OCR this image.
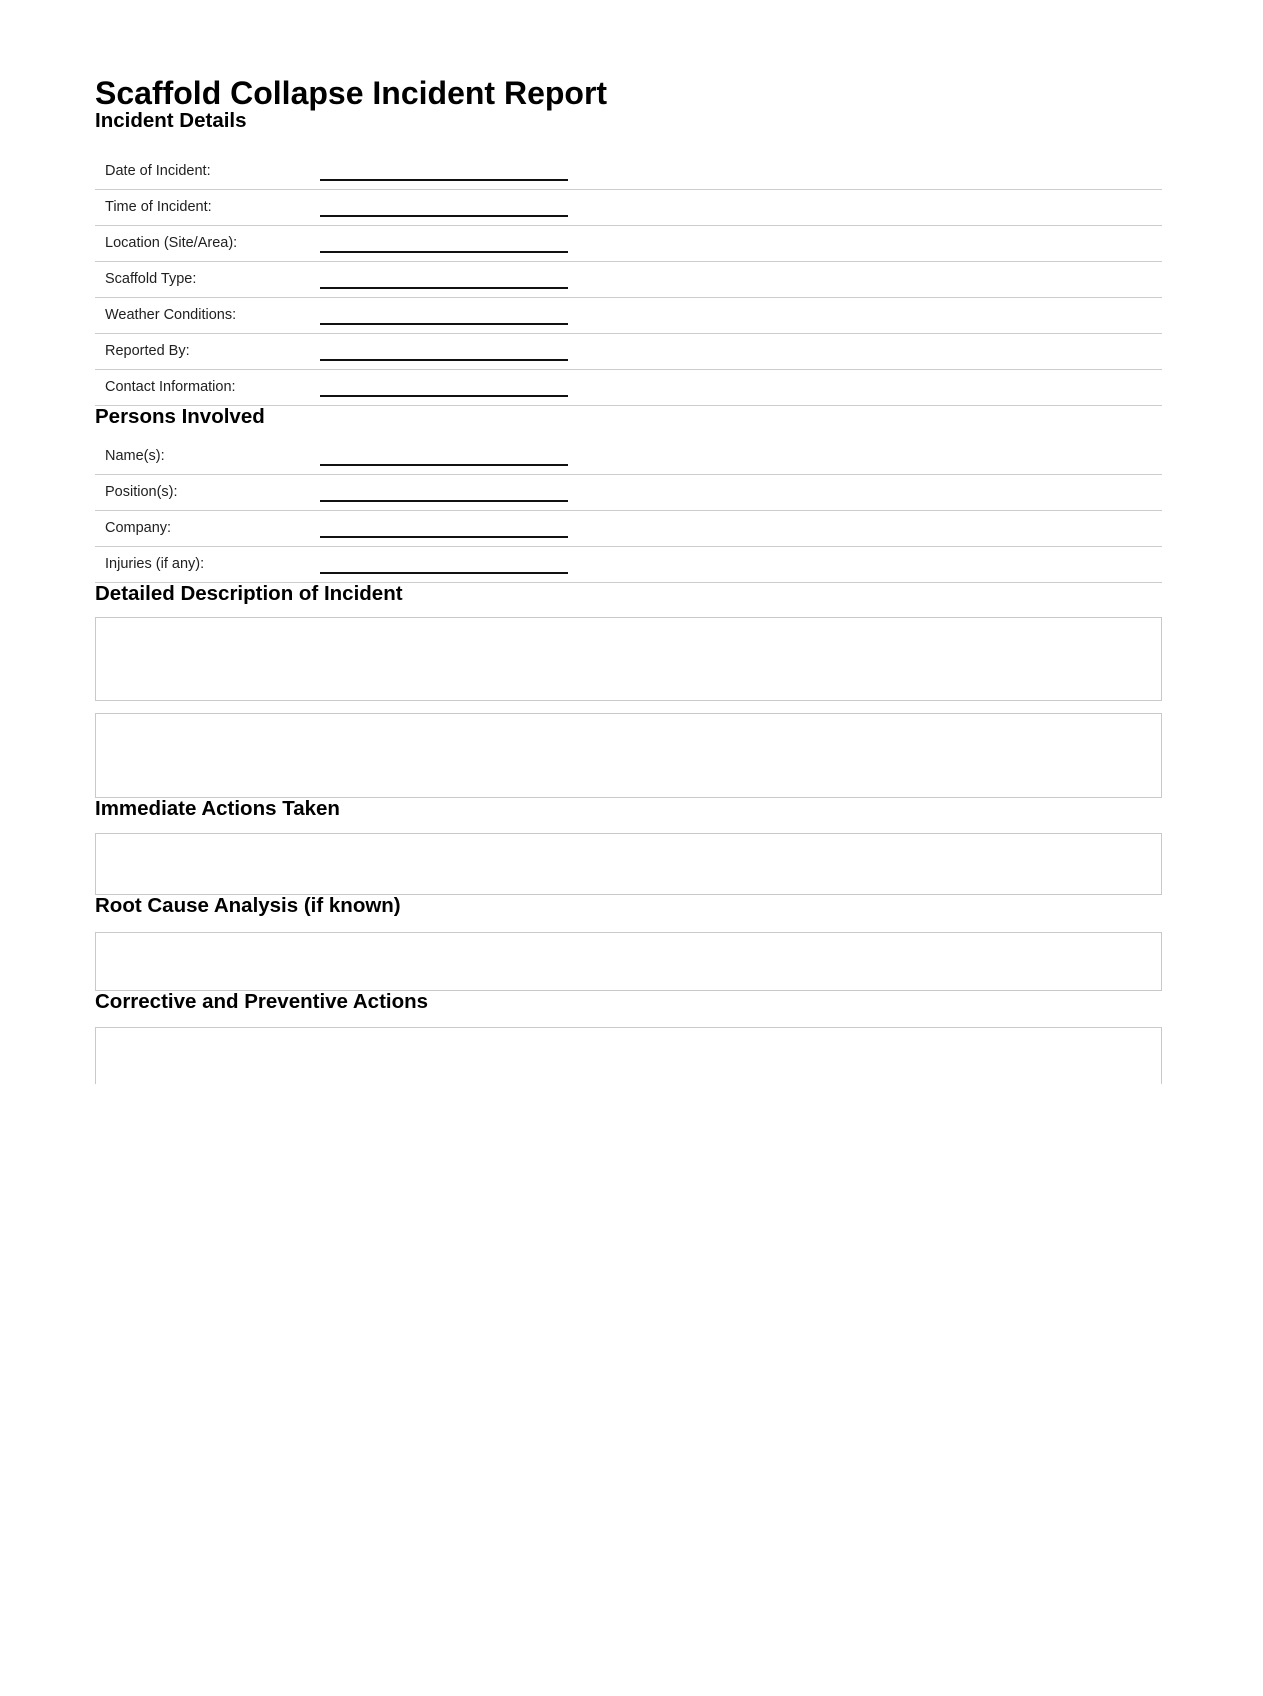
Scaffold Collapse Incident Report
Incident Details
Date of Incident:
Time of Incident:
Location (Site/Area):
Scaffold Type:
Weather Conditions:
Reported By:
Contact Information:
Persons Involved
Name(s):
Position(s):
Company:
Injuries (if any):
Detailed Description of Incident
Immediate Actions Taken
Root Cause Analysis (if known)
Corrective and Preventive Actions
